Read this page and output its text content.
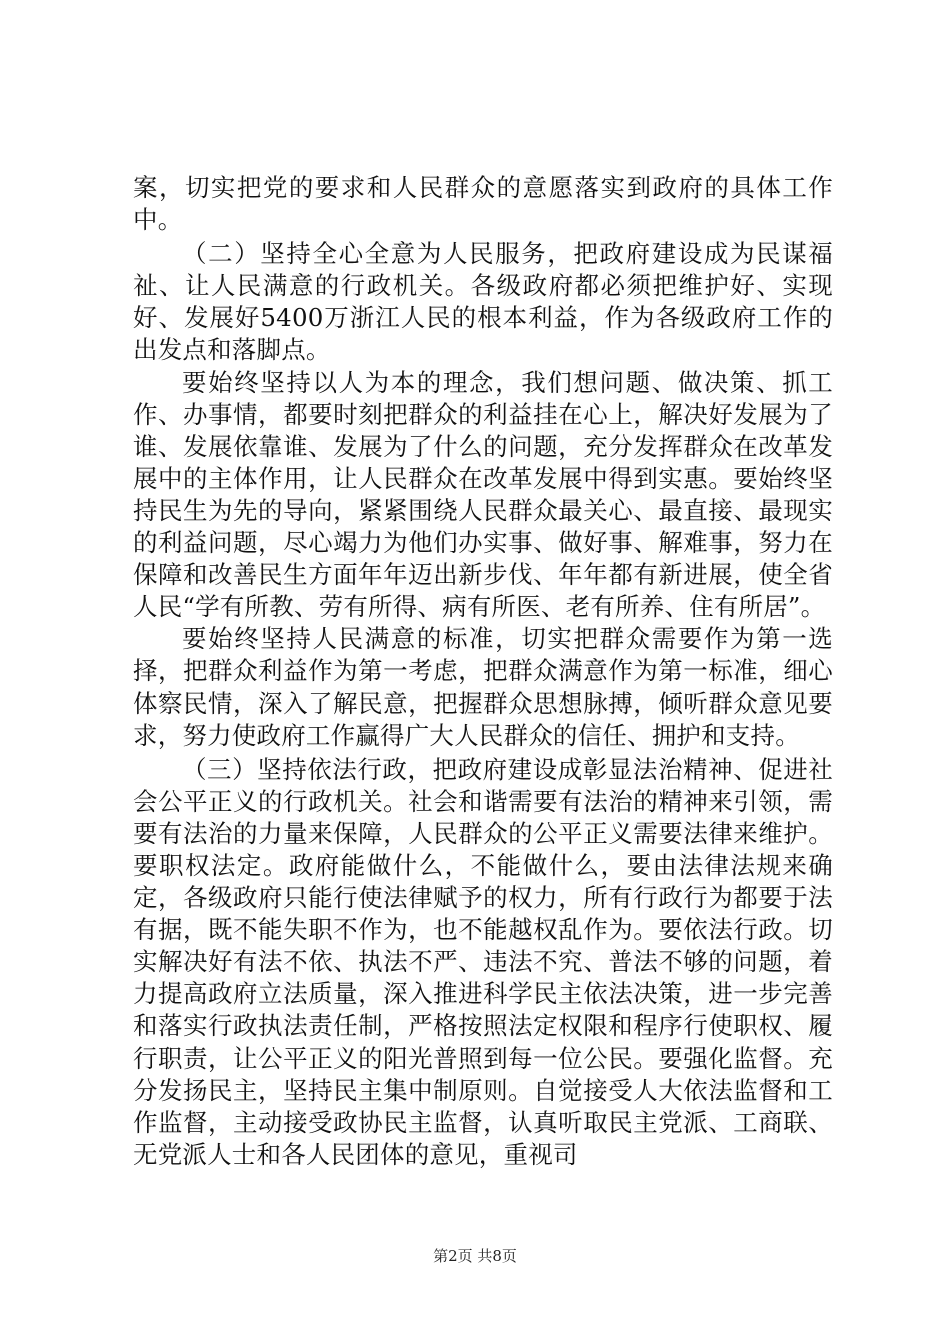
案，切实把党的要求和人民群众的意愿落实到政府的具体工作中。

（二）坚持全心全意为人民服务，把政府建设成为民谋福祉、让人民满意的行政机关。各级政府都必须把维护好、实现好、发展好5400万浙江人民的根本利益，作为各级政府工作的出发点和落脚点。

要始终坚持以人为本的理念，我们想问题、做决策、抓工作、办事情，都要时刻把群众的利益挂在心上，解决好发展为了谁、发展依靠谁、发展为了什么的问题，充分发挥群众在改革发展中的主体作用，让人民群众在改革发展中得到实惠。要始终坚持民生为先的导向，紧紧围绕人民群众最关心、最直接、最现实的利益问题，尽心竭力为他们办实事、做好事、解难事，努力在保障和改善民生方面年年迈出新步伐、年年都有新进展，使全省人民“学有所教、劳有所得、病有所医、老有所养、住有所居”。

要始终坚持人民满意的标准，切实把群众需要作为第一选择，把群众利益作为第一考虑，把群众满意作为第一标准，细心体察民情，深入了解民意，把握群众思想脉搏，倾听群众意见要求，努力使政府工作赢得广大人民群众的信任、拥护和支持。

（三）坚持依法行政，把政府建设成彰显法治精神、促进社会公平正义的行政机关。社会和谐需要有法治的精神来引领，需要有法治的力量来保障，人民群众的公平正义需要法律来维护。要职权法定。政府能做什么，不能做什么，要由法律法规来确定，各级政府只能行使法律赋予的权力，所有行政行为都要于法有据，既不能失职不作为，也不能越权乱作为。要依法行政。切实解决好有法不依、执法不严、违法不究、普法不够的问题，着力提高政府立法质量，深入推进科学民主依法决策，进一步完善和落实行政执法责任制，严格按照法定权限和程序行使职权、履行职责，让公平正义的阳光普照到每一位公民。要强化监督。充分发扬民主，坚持民主集中制原则。自觉接受人大依法监督和工作监督，主动接受政协民主监督，认真听取民主党派、工商联、无党派人士和各人民团体的意见，重视司

第2页 共8页
